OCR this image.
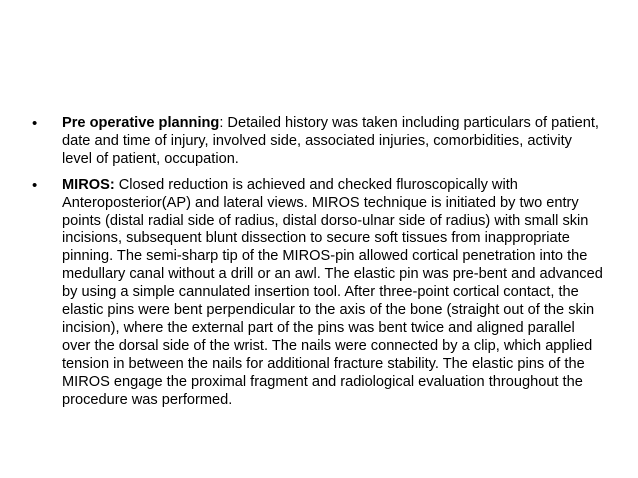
• Pre operative planning: Detailed history was taken including particulars of patient, date and time of injury, involved side, associated injuries, comorbidities, activity level of patient, occupation.
• MIROS: Closed reduction is achieved and checked fluroscopically with Anteroposterior(AP) and lateral views. MIROS technique is initiated by two entry points (distal radial side of radius, distal dorso-ulnar side of radius) with small skin incisions, subsequent blunt dissection to secure soft tissues from inappropriate pinning. The semi-sharp tip of the MIROS-pin allowed cortical penetration into the medullary canal without a drill or an awl. The elastic pin was pre-bent and advanced by using a simple cannulated insertion tool. After three-point cortical contact, the elastic pins were bent perpendicular to the axis of the bone (straight out of the skin incision), where the external part of the pins was bent twice and aligned parallel over the dorsal side of the wrist. The nails were connected by a clip, which applied tension in between the nails for additional fracture stability. The elastic pins of the MIROS engage the proximal fragment and radiological evaluation throughout the procedure was performed.
